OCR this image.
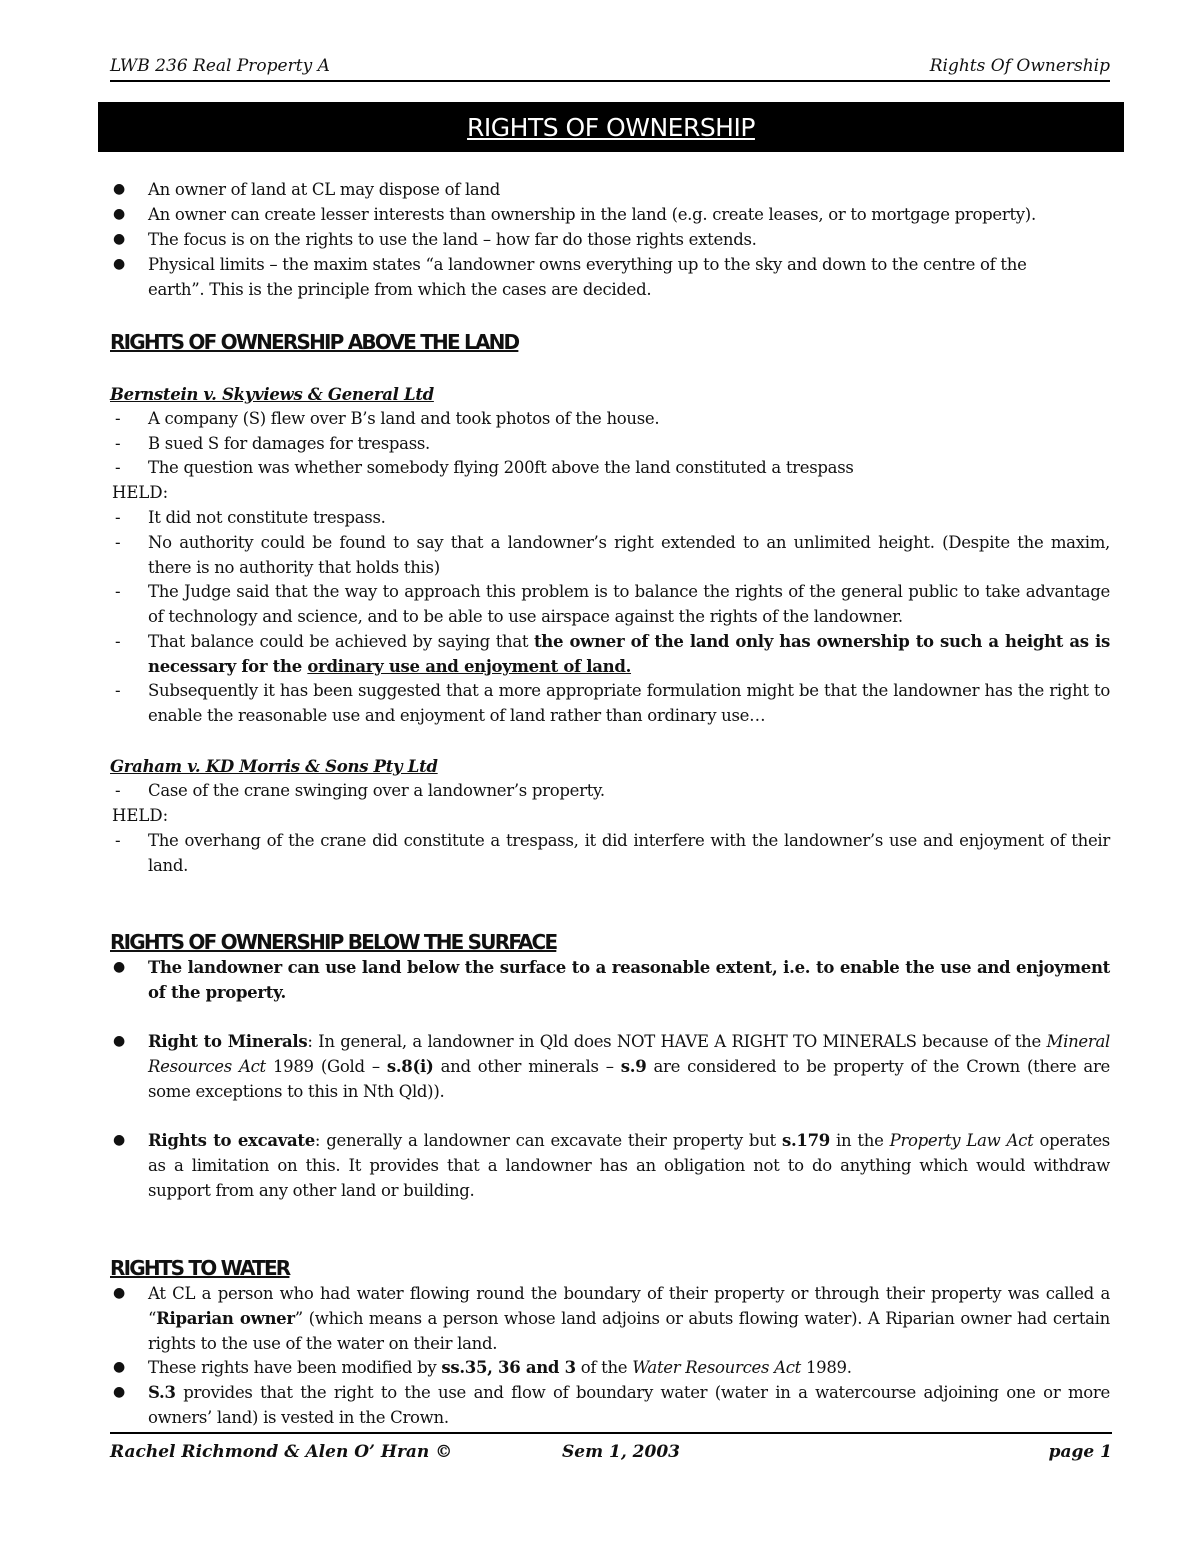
LWB 236 Real Property A	Rights Of Ownership
RIGHTS OF OWNERSHIP
● An owner of land at CL may dispose of land
● An owner can create lesser interests than ownership in the land (e.g. create leases, or to mortgage property).
● The focus is on the rights to use the land – how far do those rights extends.
● Physical limits – the maxim states “a landowner owns everything up to the sky and down to the centre of the
earth”. This is the principle from which the cases are decided.
RIGHTS OF OWNERSHIP ABOVE THE LAND
Bernstein v. Skyviews & General Ltd
- A company (S) flew over B’s land and took photos of the house.
- B sued S for damages for trespass.
- The question was whether somebody flying 200ft above the land constituted a trespass
HELD:
- It did not constitute trespass.
- No authority could be found to say that a landowner’s right extended to an unlimited height. (Despite the maxim, there is no authority that holds this)
- The Judge said that the way to approach this problem is to balance the rights of the general public to take advantage of technology and science, and to be able to use airspace against the rights of the landowner.
- That balance could be achieved by saying that the owner of the land only has ownership to such a height as is necessary for the ordinary use and enjoyment of land.
- Subsequently it has been suggested that a more appropriate formulation might be that the landowner has the right to enable the reasonable use and enjoyment of land rather than ordinary use…
Graham v. KD Morris & Sons Pty Ltd
- Case of the crane swinging over a landowner’s property.
HELD:
- The overhang of the crane did constitute a trespass, it did interfere with the landowner’s use and enjoyment of their land.
RIGHTS OF OWNERSHIP BELOW THE SURFACE
● The landowner can use land below the surface to a reasonable extent, i.e. to enable the use and enjoyment of the property.
● Right to Minerals: In general, a landowner in Qld does NOT HAVE A RIGHT TO MINERALS because of the Mineral Resources Act 1989 (Gold – s.8(i) and other minerals – s.9 are considered to be property of the Crown (there are some exceptions to this in Nth Qld)).
● Rights to excavate: generally a landowner can excavate their property but s.179 in the Property Law Act operates as a limitation on this. It provides that a landowner has an obligation not to do anything which would withdraw support from any other land or building.
RIGHTS TO WATER
● At CL a person who had water flowing round the boundary of their property or through their property was called a “Riparian owner” (which means a person whose land adjoins or abuts flowing water). A Riparian owner had certain rights to the use of the water on their land.
● These rights have been modified by ss.35, 36 and 3 of the Water Resources Act 1989.
● S.3 provides that the right to the use and flow of boundary water (water in a watercourse adjoining one or more owners’ land) is vested in the Crown.
Rachel Richmond & Alen O’ Hran ©	Sem 1, 2003	page 1
